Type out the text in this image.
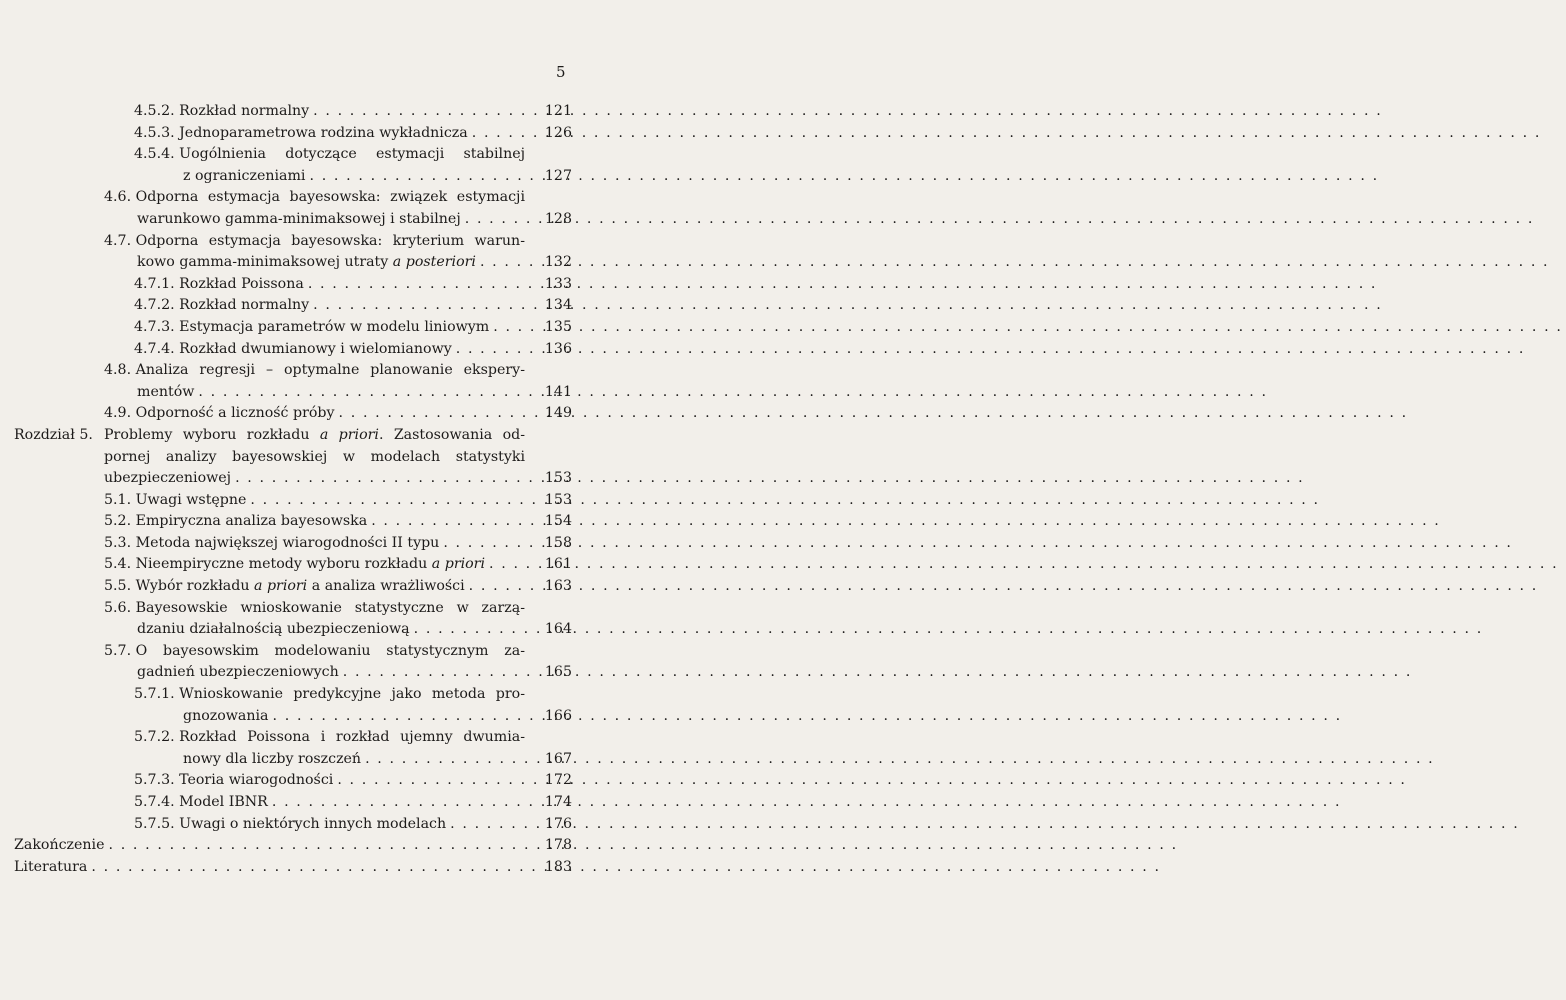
5
4.5.2. Rozkład normalny . . .	121
4.5.3. Jednoparametrowa rodzina wykładnicza . . .	126
4.5.4. Uogólnienia dotyczące estymacji stabilnej
z ograniczeniami . . .	127
4.6. Odporna estymacja bayesowska: związek estymacji
warunkowo gamma-minimaksowej i stabilnej . . .	128
4.7. Odporna estymacja bayesowska: kryterium warun-
kowo gamma-minimaksowej utraty a posteriori . . .	132
4.7.1. Rozkład Poissona . . .	133
4.7.2. Rozkład normalny . . .	134
4.7.3. Estymacja parametrów w modelu liniowym . . .	135
4.7.4. Rozkład dwumianowy i wielomianowy . . .	136
4.8. Analiza regresji – optymalne planowanie ekspery-
mentów . . .	141
4.9. Odporność a liczność próby . . .	149
Rozdział 5. Problemy wyboru rozkładu a priori. Zastosowania od-
pornej analizy bayesowskiej w modelach statystyki
ubezpieczeniowej . . .	153
5.1. Uwagi wstępne . . .	153
5.2. Empiryczna analiza bayesowska . . .	154
5.3. Metoda największej wiarogodności II typu . . .	158
5.4. Nieempiryczne metody wyboru rozkładu a priori . . .	161
5.5. Wybór rozkładu a priori a analiza wrażliwości . . .	163
5.6. Bayesowskie wnioskowanie statystyczne w zarzą-
dzaniu działalnością ubezpieczeniową . . .	164
5.7. O bayesowskim modelowaniu statystycznym za-
gadnień ubezpieczeniowych . . .	165
5.7.1. Wnioskowanie predykcyjne jako metoda pro-
gnozowania . . .	166
5.7.2. Rozkład Poissona i rozkład ujemny dwumia-
nowy dla liczby roszczeń . . .	167
5.7.3. Teoria wiarogodności . . .	172
5.7.4. Model IBNR . . .	174
5.7.5. Uwagi o niektórych innych modelach . . .	176
Zakończenie . . .	178
Literatura . . .	183
